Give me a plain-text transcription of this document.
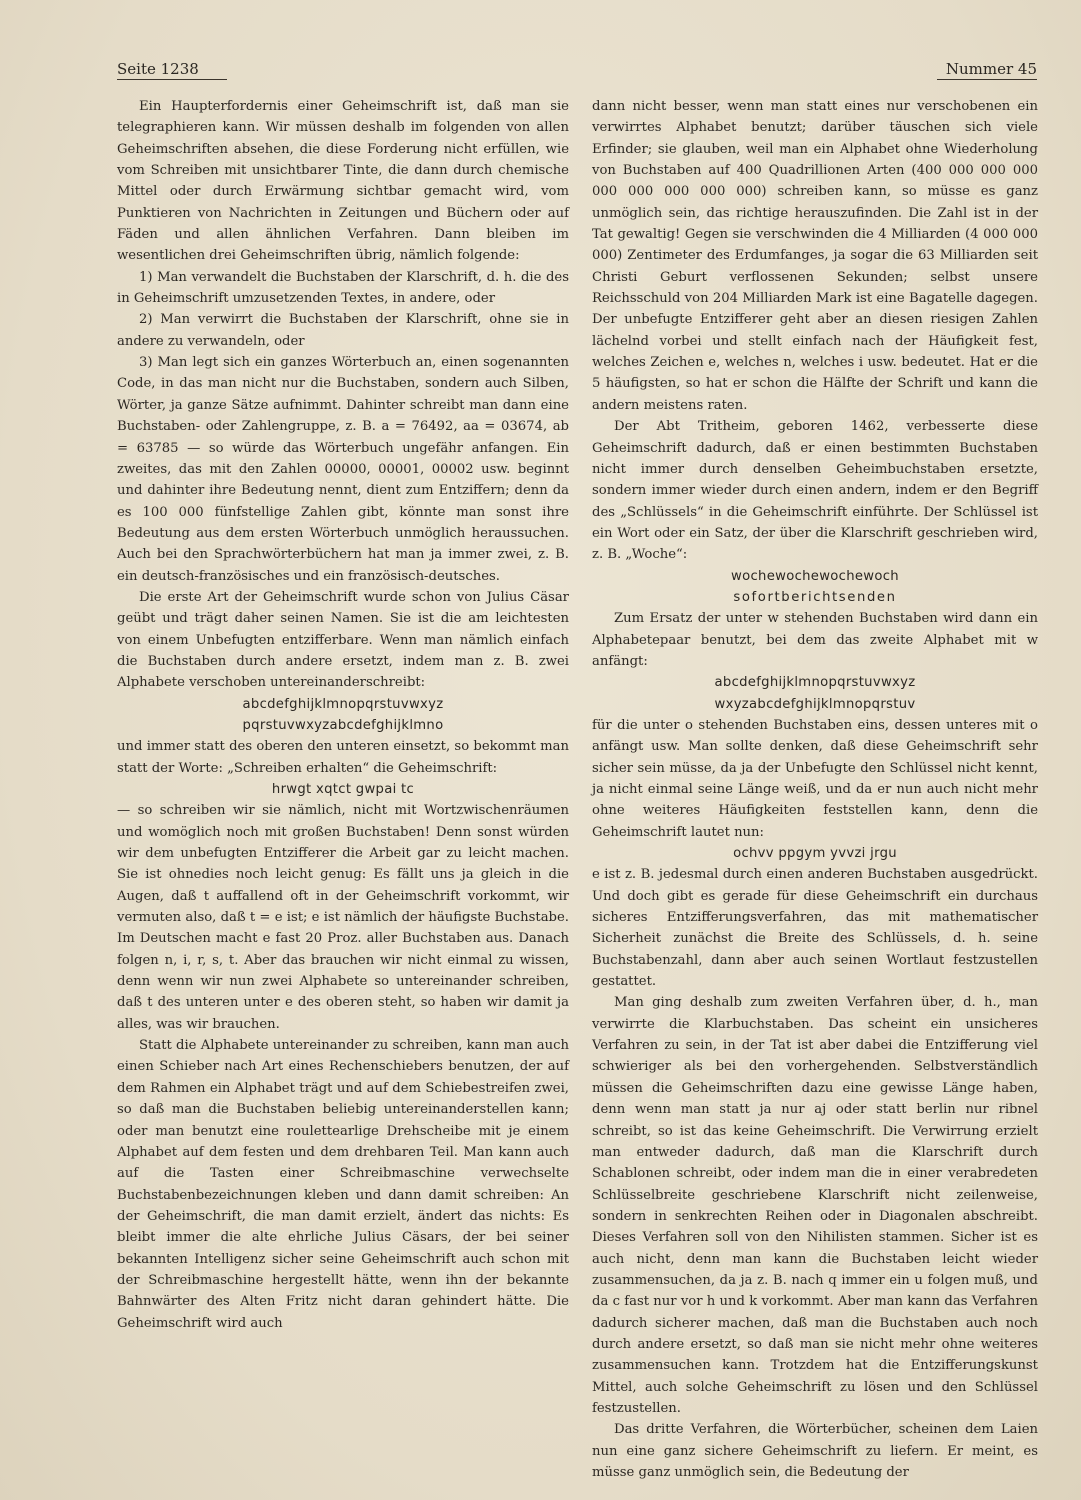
Seite 1238	Nummer 45

Ein Haupterfordernis einer Geheimschrift ist, daß man sie telegraphieren kann. Wir müssen deshalb im folgenden von allen Geheimschriften absehen, die diese Forderung nicht erfüllen, wie vom Schreiben mit unsichtbarer Tinte, die dann durch chemische Mittel oder durch Erwärmung sichtbar gemacht wird, vom Punktieren von Nachrichten in Zeitungen und Büchern oder auf Fäden und allen ähnlichen Verfahren. Dann bleiben im wesentlichen drei Geheimschriften übrig, nämlich folgende:

1) Man verwandelt die Buchstaben der Klarschrift, d. h. die des in Geheimschrift umzusetzenden Textes, in andere, oder

2) Man verwirrt die Buchstaben der Klarschrift, ohne sie in andere zu verwandeln, oder

3) Man legt sich ein ganzes Wörterbuch an, einen sogenannten Code, in das man nicht nur die Buchstaben, sondern auch Silben, Wörter, ja ganze Sätze aufnimmt. Dahinter schreibt man dann eine Buchstaben- oder Zahlengruppe, z. B. a = 76492, aa = 03674, ab = 63785 — so würde das Wörterbuch ungefähr anfangen. Ein zweites, das mit den Zahlen 00000, 00001, 00002 usw. beginnt und dahinter ihre Bedeutung nennt, dient zum Entziffern; denn da es 100 000 fünfstellige Zahlen gibt, könnte man sonst ihre Bedeutung aus dem ersten Wörterbuch unmöglich heraussuchen. Auch bei den Sprachwörterbüchern hat man ja immer zwei, z. B. ein deutsch-französisches und ein französisch-deutsches.

Die erste Art der Geheimschrift wurde schon von Julius Cäsar geübt und trägt daher seinen Namen. Sie ist die am leichtesten von einem Unbefugten entzifferbare. Wenn man nämlich einfach die Buchstaben durch andere ersetzt, indem man z. B. zwei Alphabete verschoben untereinanderschreibt:

abcdefghijklmnopqrstuvwxyz

pqrstuvwxyzabcdefghijklmno

und immer statt des oberen den unteren einsetzt, so bekommt man statt der Worte: „Schreiben erhalten“ die Geheimschrift:

hrwgt xqtct gwpai tc

— so schreiben wir sie nämlich, nicht mit Wortzwischenräumen und womöglich noch mit großen Buchstaben! Denn sonst würden wir dem unbefugten Entzifferer die Arbeit gar zu leicht machen. Sie ist ohnedies noch leicht genug: Es fällt uns ja gleich in die Augen, daß t auffallend oft in der Geheimschrift vorkommt, wir vermuten also, daß t = e ist; e ist nämlich der häufigste Buchstabe. Im Deutschen macht e fast 20 Proz. aller Buchstaben aus. Danach folgen n, i, r, s, t. Aber das brauchen wir nicht einmal zu wissen, denn wenn wir nun zwei Alphabete so untereinander schreiben, daß t des unteren unter e des oberen steht, so haben wir damit ja alles, was wir brauchen.

Statt die Alphabete untereinander zu schreiben, kann man auch einen Schieber nach Art eines Rechenschiebers benutzen, der auf dem Rahmen ein Alphabet trägt und auf dem Schiebestreifen zwei, so daß man die Buchstaben beliebig untereinanderstellen kann; oder man benutzt eine roulettearlige Drehscheibe mit je einem Alphabet auf dem festen und dem drehbaren Teil. Man kann auch auf die Tasten einer Schreibmaschine verwechselte Buchstabenbezeichnungen kleben und dann damit schreiben: An der Geheimschrift, die man damit erzielt, ändert das nichts: Es bleibt immer die alte ehrliche Julius Cäsars, der bei seiner bekannten Intelligenz sicher seine Geheimschrift auch schon mit der Schreibmaschine hergestellt hätte, wenn ihn der bekannte Bahnwärter des Alten Fritz nicht daran gehindert hätte. Die Geheimschrift wird auch

dann nicht besser, wenn man statt eines nur verschobenen ein verwirrtes Alphabet benutzt; darüber täuschen sich viele Erfinder; sie glauben, weil man ein Alphabet ohne Wiederholung von Buchstaben auf 400 Quadrillionen Arten (400 000 000 000 000 000 000 000 000) schreiben kann, so müsse es ganz unmöglich sein, das richtige herauszufinden. Die Zahl ist in der Tat gewaltig! Gegen sie verschwinden die 4 Milliarden (4 000 000 000) Zentimeter des Erdumfanges, ja sogar die 63 Milliarden seit Christi Geburt verflossenen Sekunden; selbst unsere Reichsschuld von 204 Milliarden Mark ist eine Bagatelle dagegen. Der unbefugte Entzifferer geht aber an diesen riesigen Zahlen lächelnd vorbei und stellt einfach nach der Häufigkeit fest, welches Zeichen e, welches n, welches i usw. bedeutet. Hat er die 5 häufigsten, so hat er schon die Hälfte der Schrift und kann die andern meistens raten.

Der Abt Tritheim, geboren 1462, verbesserte diese Geheimschrift dadurch, daß er einen bestimmten Buchstaben nicht immer durch denselben Geheimbuchstaben ersetzte, sondern immer wieder durch einen andern, indem er den Begriff des „Schlüssels“ in die Geheimschrift einführte. Der Schlüssel ist ein Wort oder ein Satz, der über die Klarschrift geschrieben wird, z. B. „Woche“:

wochewochewochewoch

sofortberichtsenden

Zum Ersatz der unter w stehenden Buchstaben wird dann ein Alphabetepaar benutzt, bei dem das zweite Alphabet mit w anfängt:

abcdefghijklmnopqrstuvwxyz

wxyzabcdefghijklmnopqrstuv

für die unter o stehenden Buchstaben eins, dessen unteres mit o anfängt usw. Man sollte denken, daß diese Geheimschrift sehr sicher sein müsse, da ja der Unbefugte den Schlüssel nicht kennt, ja nicht einmal seine Länge weiß, und da er nun auch nicht mehr ohne weiteres Häufigkeiten feststellen kann, denn die Geheimschrift lautet nun:

ochvv ppgym yvvzi jrgu

e ist z. B. jedesmal durch einen anderen Buchstaben ausgedrückt. Und doch gibt es gerade für diese Geheimschrift ein durchaus sicheres Entzifferungsverfahren, das mit mathematischer Sicherheit zunächst die Breite des Schlüssels, d. h. seine Buchstabenzahl, dann aber auch seinen Wortlaut festzustellen gestattet.

Man ging deshalb zum zweiten Verfahren über, d. h., man verwirrte die Klarbuchstaben. Das scheint ein unsicheres Verfahren zu sein, in der Tat ist aber dabei die Entzifferung viel schwieriger als bei den vorhergehenden. Selbstverständlich müssen die Geheimschriften dazu eine gewisse Länge haben, denn wenn man statt ja nur aj oder statt berlin nur ribnel schreibt, so ist das keine Geheimschrift. Die Verwirrung erzielt man entweder dadurch, daß man die Klarschrift durch Schablonen schreibt, oder indem man die in einer verabredeten Schlüsselbreite geschriebene Klarschrift nicht zeilenweise, sondern in senkrechten Reihen oder in Diagonalen abschreibt. Dieses Verfahren soll von den Nihilisten stammen. Sicher ist es auch nicht, denn man kann die Buchstaben leicht wieder zusammensuchen, da ja z. B. nach q immer ein u folgen muß, und da c fast nur vor h und k vorkommt. Aber man kann das Verfahren dadurch sicherer machen, daß man die Buchstaben auch noch durch andere ersetzt, so daß man sie nicht mehr ohne weiteres zusammensuchen kann. Trotzdem hat die Entzifferungskunst Mittel, auch solche Geheimschrift zu lösen und den Schlüssel festzustellen.

Das dritte Verfahren, die Wörterbücher, scheinen dem Laien nun eine ganz sichere Geheimschrift zu liefern. Er meint, es müsse ganz unmöglich sein, die Bedeutung der
